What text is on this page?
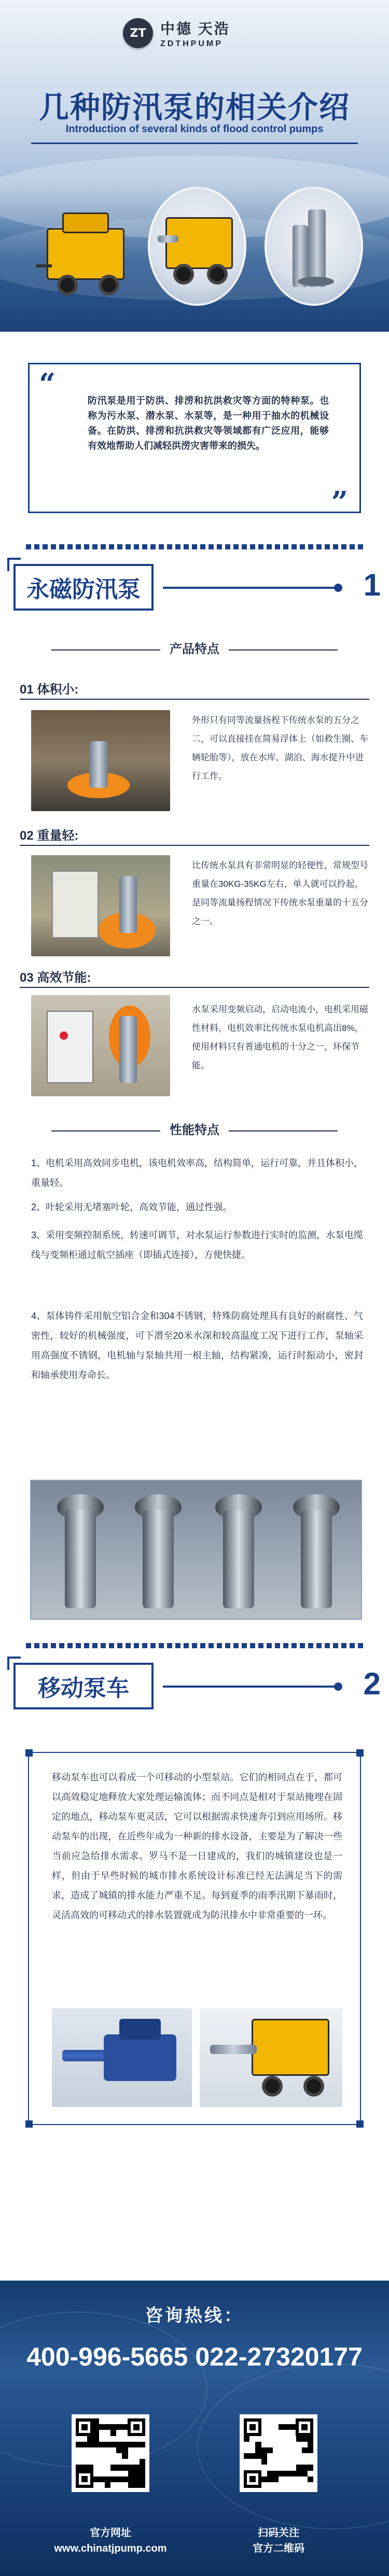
ZT 中德 天浩
ZDTHPUMP
几种防汛泵的相关介绍
Introduction of several kinds of flood control pumps
“	防汛泵是用于防洪、排涝和抗洪救灾等方面的特种泵。也称为污水泵、潜水泵、水泵等，是一种用于抽水的机械设备。在防洪、排涝和抗洪救灾等领域都有广泛应用，能够有效地帮助人们减轻洪涝灾害带来的损失。

”
永磁防汛泵	1
产品特点
01 体积小:
外形只有同等流量扬程下传统水泵的五分之二，可以直接挂在简易浮体上（如救生圈、车辆轮胎等），放在水库、湖泊、海水提升中进行工作。
02 重量轻:
比传统水泵具有非常明显的轻便性，常规型号重量在30KG-35KG左右，单人就可以拎起，是同等流量扬程情况下传统水泵重量的十五分之一。
03 高效节能:
水泵采用变频启动，启动电流小，电机采用磁性材料，电机效率比传统水泵电机高出8%，使用材料只有普通电机的十分之一，环保节能。
性能特点
1、电机采用高效同步电机，该电机效率高，结构简单，运行可靠，并且体积小，重量轻。
2、叶轮采用无堵塞叶轮，高效节能，通过性强。
3、采用变频控制系统，转速可调节，对水泵运行参数进行实时的监测，水泵电缆线与变频柜通过航空插座（即插式连接），方便快捷。
4、泵体铸件采用航空铝合金和304不锈钢，特殊防腐处理具有良好的耐腐性、气密性，较好的机械强度，可下潜至20米水深和较高温度工况下进行工作，泵轴采用高强度不锈钢，电机轴与泵轴共用一根主轴，结构紧凑，运行时振动小，密封和轴承使用寿命长。
移动泵车	2
移动泵车也可以看成一个可移动的小型泵站。它们的相同点在于，都可以高效稳定地释放大家处理运输流体；而不同点是相对于泵站掩埋在固定的地点，移动泵车更灵活，它可以根据需求快速奔引到应用场所。移动泵车的出现，在近些年成为一种新的排水设备，主要是为了解决一些当前应急给排水需求。罗马不是一日建成的，我们的城镇建设也是一样，但由于早些时候的城市排水系统设计标准已经无法满足当下的需求，造成了城镇的排水能力严重不足。每到夏季的雨季汛期下暴雨时，灵活高效的可移动式的排水装置就成为防汛排水中非常重要的一环。
咨询热线：
400-996-5665 022-27320177
官方网址
www.chinatjpump.com
扫码关注
官方二维码
